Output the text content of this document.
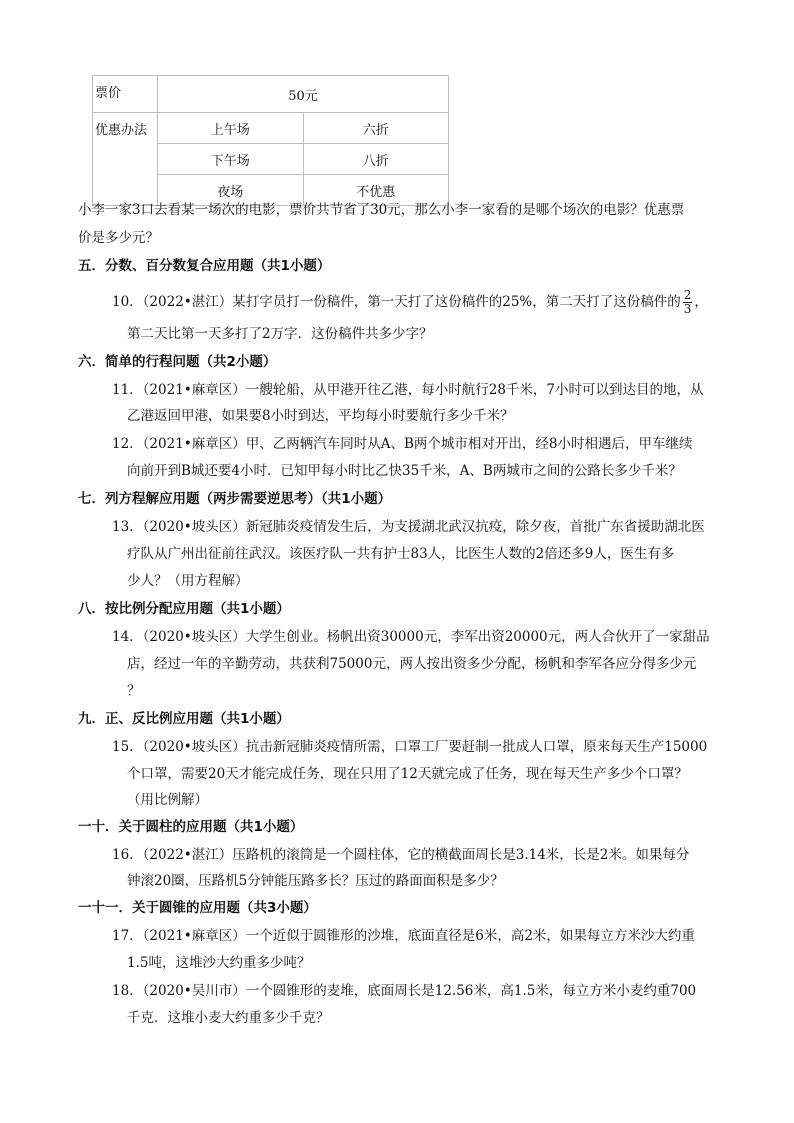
票价	50元	
优惠办法	上午场	六折
	下午场	八折
	夜场	不优惠
小李一家3口去看某一场次的电影，票价共节省了30元，那么小李一家看的是哪个场次的电影？优惠票
价是多少元？
五．分数、百分数复合应用题（共1小题）
10．（2022•湛江）某打字员打一份稿件，第一天打了这份稿件的25%，第二天打了这份稿件的 $\frac{2}{3}$ ，
第二天比第一天多打了2万字．这份稿件共多少字？
六．简单的行程问题（共2小题）
11．（2021•麻章区）一艘轮船，从甲港开往乙港，每小时航行28千米，7小时可以到达目的地，从
乙港返回甲港，如果要8小时到达，平均每小时要航行多少千米？
12．（2021•麻章区）甲、乙两辆汽车同时从A、B两个城市相对开出，经8小时相遇后，甲车继续
向前开到B城还要4小时．已知甲每小时比乙快35千米，A、B两城市之间的公路长多少千米？
七．列方程解应用题（两步需要逆思考）（共1小题）
13．（2020•坡头区）新冠肺炎疫情发生后，为支援湖北武汉抗疫，除夕夜，首批广东省援助湖北医
疗队从广州出征前往武汉。该医疗队一共有护士83人，比医生人数的2倍还多9人，医生有多
少人？（用方程解）
八．按比例分配应用题（共1小题）
14．（2020•坡头区）大学生创业。杨帆出资30000元，李军出资20000元，两人合伙开了一家甜品
店，经过一年的辛勤劳动，共获利75000元，两人按出资多少分配，杨帆和李军各应分得多少元
？
九．正、反比例应用题（共1小题）
15．（2020•坡头区）抗击新冠肺炎疫情所需，口罩工厂要赶制一批成人口罩，原来每天生产15000
个口罩，需要20天才能完成任务，现在只用了12天就完成了任务，现在每天生产多少个口罩？
（用比例解）
一十．关于圆柱的应用题（共1小题）
16．（2022•湛江）压路机的滚筒是一个圆柱体，它的横截面周长是3.14米，长是2米。如果每分
钟滚20圈，压路机5分钟能压路多长？压过的路面面积是多少？
一十一．关于圆锥的应用题（共3小题）
17．（2021•麻章区）一个近似于圆锥形的沙堆，底面直径是6米，高2米，如果每立方米沙大约重
1.5吨，这堆沙大约重多少吨？
18．（2020•吴川市）一个圆锥形的麦堆，底面周长是12.56米，高1.5米，每立方米小麦约重700
千克．这堆小麦大约重多少千克？
